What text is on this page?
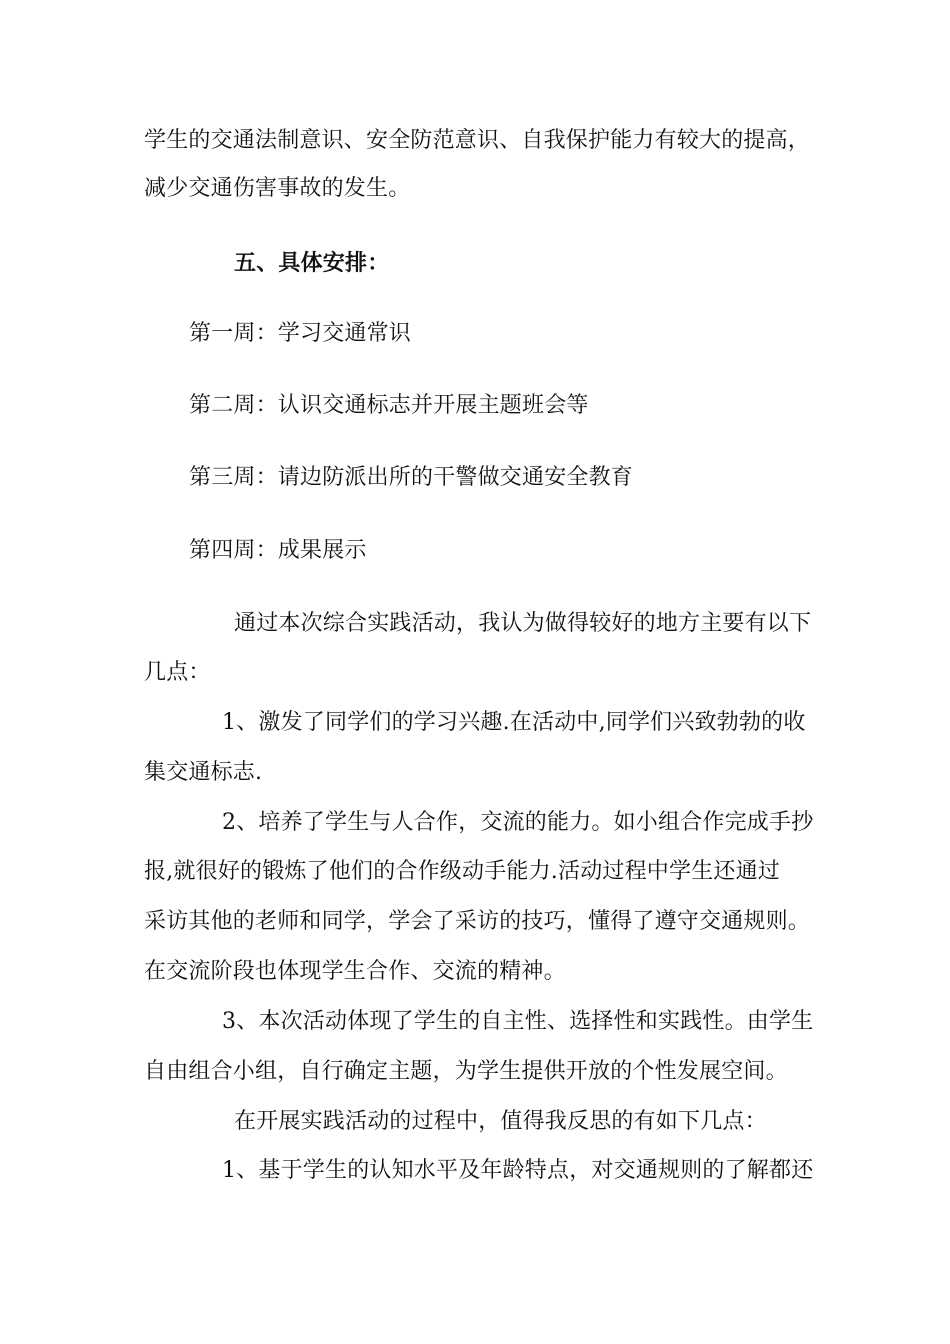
学生的交通法制意识、安全防范意识、自我保护能力有较大的提高，
减少交通伤害事故的发生。
五、具体安排：
第一周：学习交通常识
第二周：认识交通标志并开展主题班会等
第三周：请边防派出所的干警做交通安全教育
第四周：成果展示
通过本次综合实践活动，我认为做得较好的地方主要有以下
几点：
1、激发了同学们的学习兴趣.在活动中,同学们兴致勃勃的收
集交通标志.
2、培养了学生与人合作，交流的能力。如小组合作完成手抄
报,就很好的锻炼了他们的合作级动手能力.活动过程中学生还通过
采访其他的老师和同学，学会了采访的技巧，懂得了遵守交通规则。
在交流阶段也体现学生合作、交流的精神。
3、本次活动体现了学生的自主性、选择性和实践性。由学生
自由组合小组，自行确定主题，为学生提供开放的个性发展空间。
在开展实践活动的过程中，值得我反思的有如下几点：
1、基于学生的认知水平及年龄特点，对交通规则的了解都还
